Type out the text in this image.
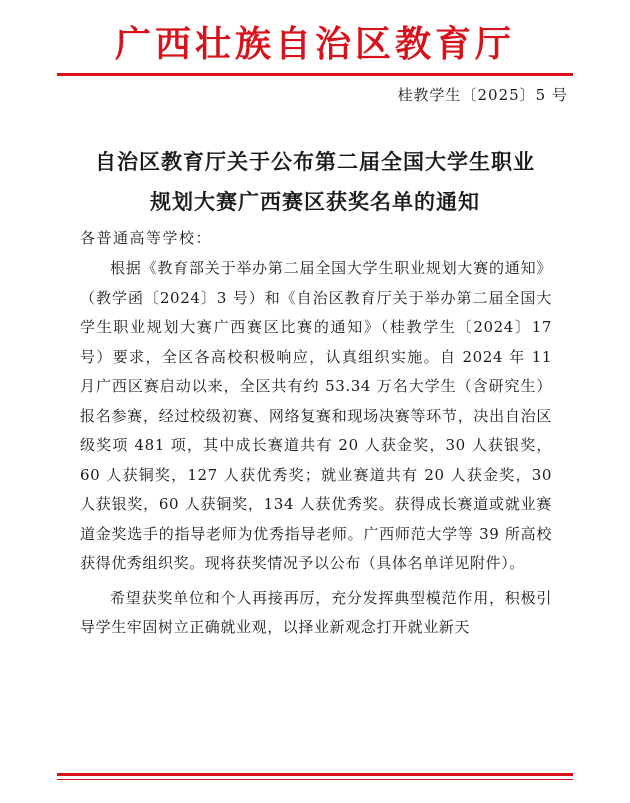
广西壮族自治区教育厅
桂教学生〔2025〕5 号
自治区教育厅关于公布第二届全国大学生职业
规划大赛广西赛区获奖名单的通知
各普通高等学校：

根据《教育部关于举办第二届全国大学生职业规划大赛的通知》（教学函〔2024〕3 号）和《自治区教育厅关于举办第二届全国大学生职业规划大赛广西赛区比赛的通知》（桂教学生〔2024〕17 号）要求，全区各高校积极响应，认真组织实施。自 2024 年 11 月广西区赛启动以来，全区共有约 53.34 万名大学生（含研究生）报名参赛，经过校级初赛、网络复赛和现场决赛等环节，决出自治区级奖项 481 项，其中成长赛道共有 20 人获金奖，30 人获银奖，60 人获铜奖，127 人获优秀奖；就业赛道共有 20 人获金奖，30 人获银奖，60 人获铜奖，134 人获优秀奖。获得成长赛道或就业赛道金奖选手的指导老师为优秀指导老师。广西师范大学等 39 所高校获得优秀组织奖。现将获奖情况予以公布（具体名单详见附件）。

希望获奖单位和个人再接再厉，充分发挥典型模范作用，积极引导学生牢固树立正确就业观，以择业新观念打开就业新天
